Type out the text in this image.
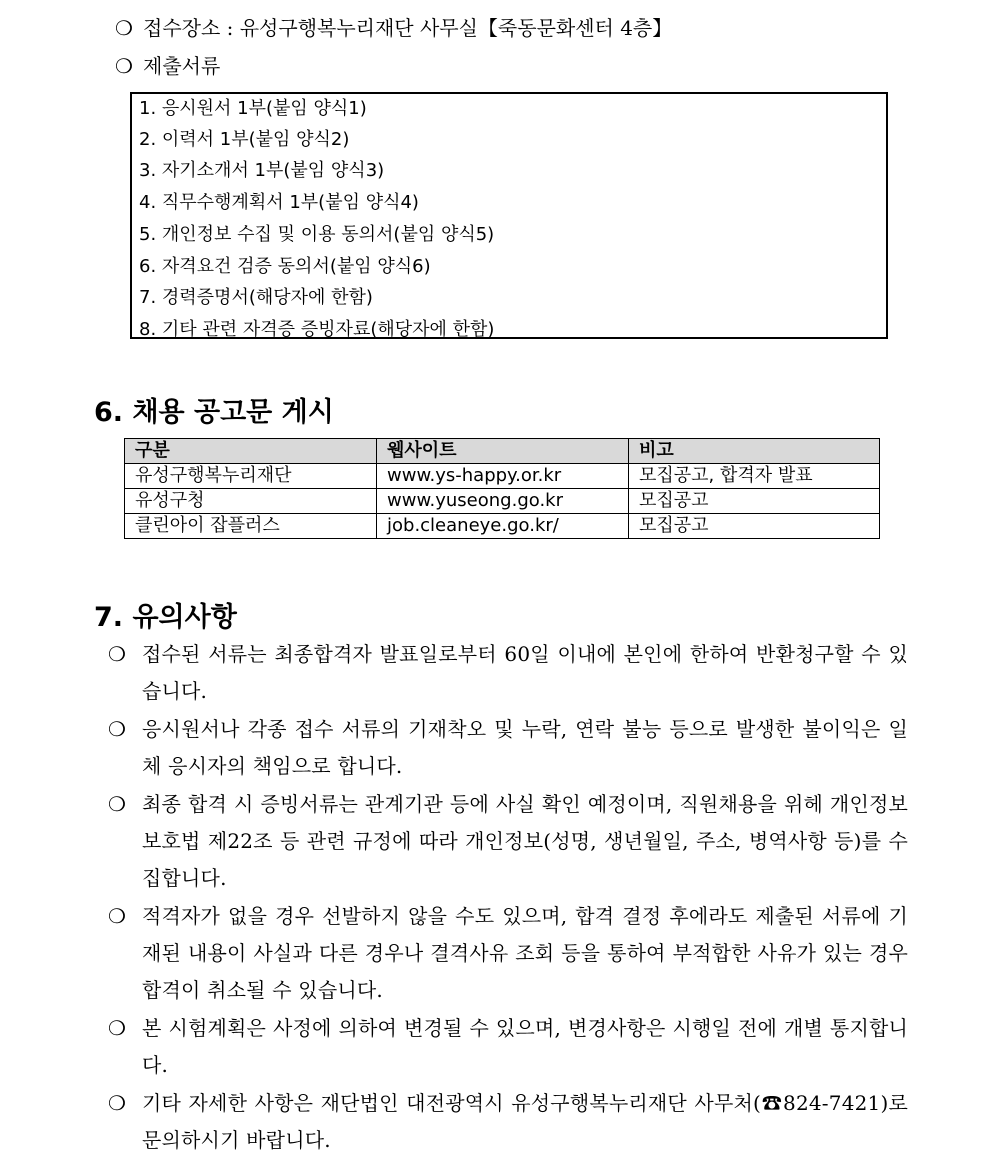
❍ 접수장소 : 유성구행복누리재단 사무실【죽동문화센터 4층】
❍ 제출서류
1. 응시원서 1부(붙임 양식1)
2. 이력서 1부(붙임 양식2)
3. 자기소개서 1부(붙임 양식3)
4. 직무수행계획서 1부(붙임 양식4)
5. 개인정보 수집 및 이용 동의서(붙임 양식5)
6. 자격요건 검증 동의서(붙임 양식6)
7. 경력증명서(해당자에 한함)
8. 기타 관련 자격증 증빙자료(해당자에 한함)
6. 채용 공고문 게시
구분	웹사이트	비고
유성구행복누리재단	www.ys-happy.or.kr	모집공고, 합격자 발표
유성구청	www.yuseong.go.kr	모집공고
클린아이 잡플러스	job.cleaneye.go.kr/	모집공고
7. 유의사항
❍ 접수된 서류는 최종합격자 발표일로부터 60일 이내에 본인에 한하여 반환청구할 수 있습니다.
❍ 응시원서나 각종 접수 서류의 기재착오 및 누락, 연락 불능 등으로 발생한 불이익은 일체 응시자의 책임으로 합니다.
❍ 최종 합격 시 증빙서류는 관계기관 등에 사실 확인 예정이며, 직원채용을 위헤 개인정보보호법 제22조 등 관련 규정에 따라 개인정보(성명, 생년월일, 주소, 병역사항 등)를 수집합니다.
❍ 적격자가 없을 경우 선발하지 않을 수도 있으며, 합격 결정 후에라도 제출된 서류에 기재된 내용이 사실과 다른 경우나 결격사유 조회 등을 통하여 부적합한 사유가 있는 경우 합격이 취소될 수 있습니다.
❍ 본 시험계획은 사정에 의하여 변경될 수 있으며, 변경사항은 시행일 전에 개별 통지합니다.
❍ 기타 자세한 사항은 재단법인 대전광역시 유성구행복누리재단 사무처(☎824-7421)로 문의하시기 바랍니다.
